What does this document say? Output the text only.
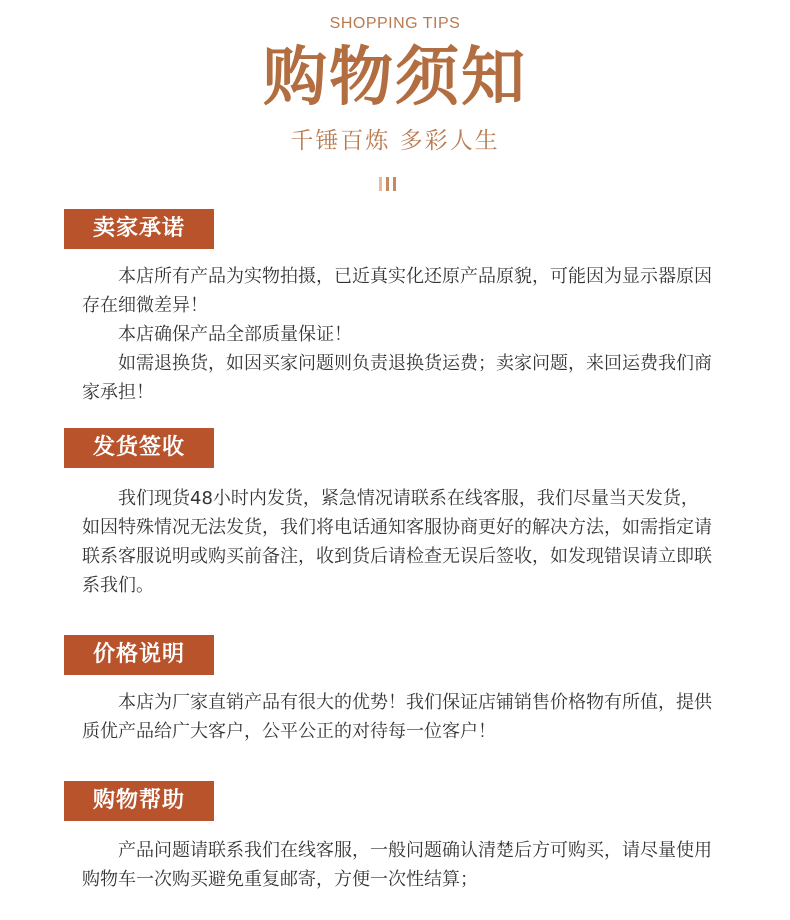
SHOPPING TIPS
购物须知
千锤百炼 多彩人生
卖家承诺

本店所有产品为实物拍摄，已近真实化还原产品原貌，可能因为显示器原因存在细微差异！

本店确保产品全部质量保证！

如需退换货，如因买家问题则负责退换货运费；卖家问题，来回运费我们商家承担！

发货签收

我们现货48小时内发货，紧急情况请联系在线客服，我们尽量当天发货，如因特殊情况无法发货，我们将电话通知客服协商更好的解决方法，如需指定请联系客服说明或购买前备注，收到货后请检查无误后签收，如发现错误请立即联系我们。

价格说明

本店为厂家直销产品有很大的优势！我们保证店铺销售价格物有所值，提供质优产品给广大客户，公平公正的对待每一位客户！

购物帮助

产品问题请联系我们在线客服，一般问题确认清楚后方可购买，请尽量使用购物车一次购买避免重复邮寄，方便一次性结算；
